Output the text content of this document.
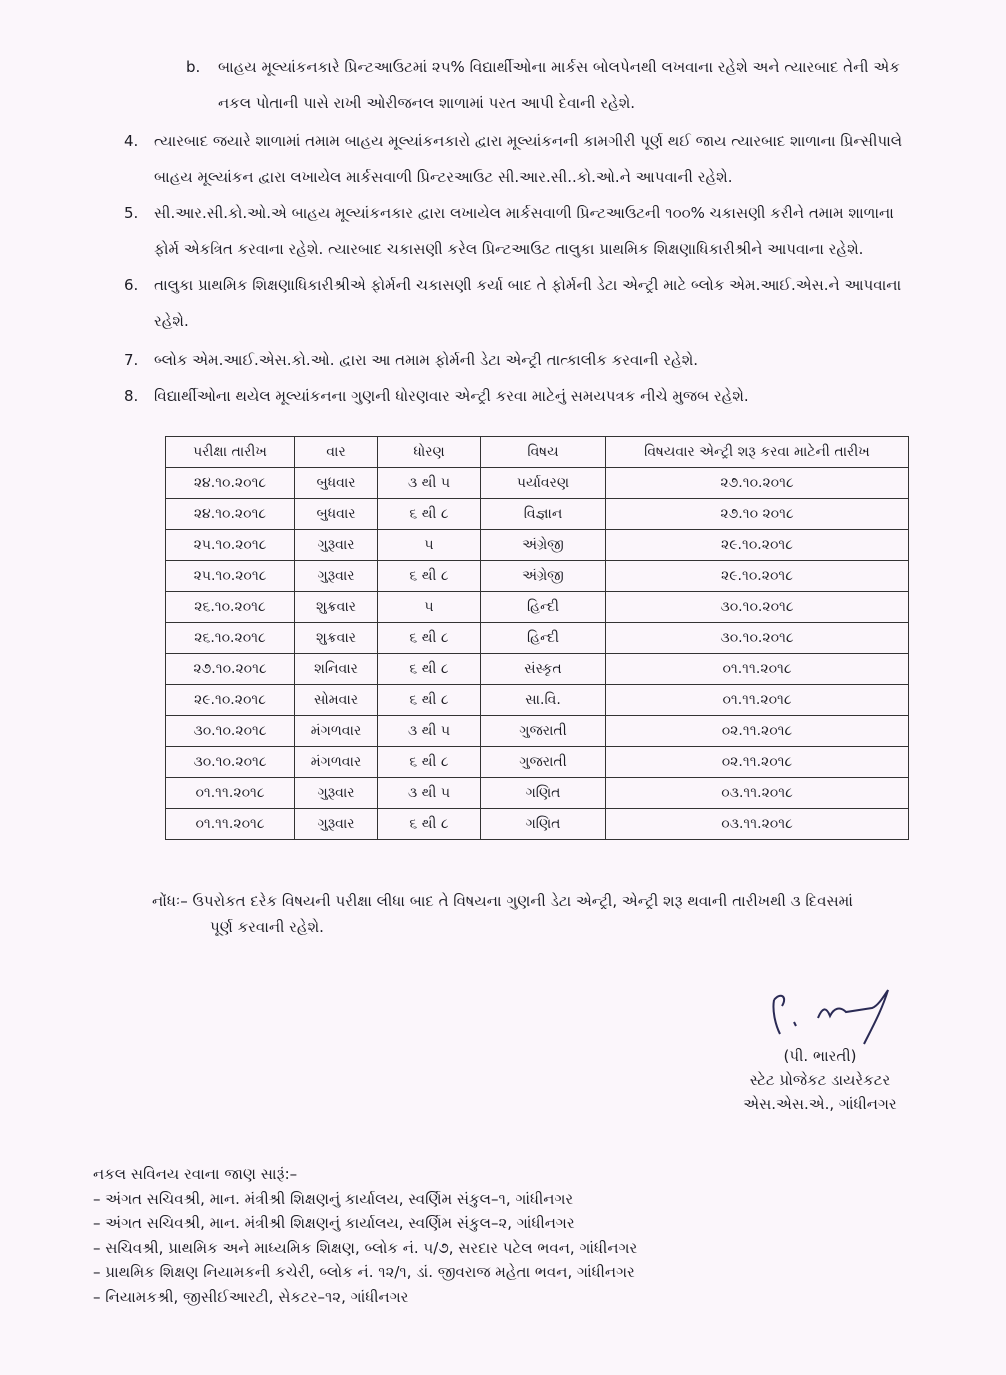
b. બાહય મૂલ્યાંકનકારે પ્રિન્ટઆઉટમાં ૨૫% વિદ્યાર્થીઓના માર્કસ બોલપેનથી લખવાના રહેશે અને ત્યારબાદ તેની એક
નકલ પોતાની પાસે રાખી ઓરીજનલ શાળામાં પરત આપી દેવાની રહેશે.
4. ત્યારબાદ જયારે શાળામાં તમામ બાહય મૂલ્યાંકનકારો દ્વારા મૂલ્યાંકનની કામગીરી પૂર્ણ થઈ જાય ત્યારબાદ શાળાના પ્રિન્સીપાલે
બાહય મૂલ્યાંકન દ્વારા લખાયેલ માર્કસવાળી પ્રિન્ટરઆઉટ સી.આર.સી..કો.ઓ.ને આપવાની રહેશે.
5. સી.આર.સી.કો.ઓ.એ બાહય મૂલ્યાંકનકાર દ્વારા લખાયેલ માર્કસવાળી પ્રિન્ટઆઉટની ૧૦૦% ચકાસણી કરીને તમામ શાળાના
ફોર્મ એકત્રિત કરવાના રહેશે. ત્યારબાદ ચકાસણી કરેલ પ્રિન્ટઆઉટ તાલુકા પ્રાથમિક શિક્ષણાધિકારીશ્રીને આપવાના રહેશે.
6. તાલુકા પ્રાથમિક શિક્ષણાધિકારીશ્રીએ ફોર્મની ચકાસણી કર્યા બાદ તે ફોર્મની ડેટા એન્ટ્રી માટે બ્લોક એમ.આઈ.એસ.ને આપવાના
રહેશે.
7. બ્લોક એમ.આઈ.એસ.કો.ઓ. દ્વારા આ તમામ ફોર્મની ડેટા એન્ટ્રી તાત્કાલીક કરવાની રહેશે.
8. વિદ્યાર્થીઓના થયેલ મૂલ્યાંકનના ગુણની ધોરણવાર એન્ટ્રી કરવા માટેનું સમયપત્રક નીચે મુજબ રહેશે.
પરીક્ષા તારીખ	વાર	ધોરણ	વિષય	વિષયવાર એન્ટ્રી શરૂ કરવા માટેની તારીખ
૨૪.૧૦.૨૦૧૮	બુધવાર	૩ થી ૫	પર્યાવરણ	૨૭.૧૦.૨૦૧૮
૨૪.૧૦.૨૦૧૮	બુધવાર	૬ થી ૮	વિજ્ઞાન	૨૭.૧૦ ૨૦૧૮
૨૫.૧૦.૨૦૧૮	ગુરૂવાર	૫	અંગ્રેજી	૨૯.૧૦.૨૦૧૮
૨૫.૧૦.૨૦૧૮	ગુરૂવાર	૬ થી ૮	અંગ્રેજી	૨૯.૧૦.૨૦૧૮
૨૬.૧૦.૨૦૧૮	શુક્રવાર	૫	હિન્દી	૩૦.૧૦.૨૦૧૮
૨૬.૧૦.૨૦૧૮	શુક્રવાર	૬ થી ૮	હિન્દી	૩૦.૧૦.૨૦૧૮
૨૭.૧૦.૨૦૧૮	શનિવાર	૬ થી ૮	સંસ્કૃત	૦૧.૧૧.૨૦૧૮
૨૯.૧૦.૨૦૧૮	સોમવાર	૬ થી ૮	સા.વિ.	૦૧.૧૧.૨૦૧૮
૩૦.૧૦.૨૦૧૮	મંગળવાર	૩ થી ૫	ગુજરાતી	૦૨.૧૧.૨૦૧૮
૩૦.૧૦.૨૦૧૮	મંગળવાર	૬ થી ૮	ગુજરાતી	૦૨.૧૧.૨૦૧૮
૦૧.૧૧.૨૦૧૮	ગુરૂવાર	૩ થી ૫	ગણિત	૦૩.૧૧.૨૦૧૮
૦૧.૧૧.૨૦૧૮	ગુરૂવાર	૬ થી ૮	ગણિત	૦૩.૧૧.૨૦૧૮
નોંધઃ– ઉપરોકત દરેક વિષયની પરીક્ષા લીધા બાદ તે વિષયના ગુણની ડેટા એન્ટ્રી, એન્ટ્રી શરૂ થવાની તારીખથી ૩ દિવસમાં
પૂર્ણ કરવાની રહેશે.
(પી. ભારતી)
સ્ટેટ પ્રોજેકટ ડાયરેકટર
એસ.એસ.એ., ગાંધીનગર
નકલ સવિનય રવાના જાણ સારૂં:–
– અંગત સચિવશ્રી, માન. મંત્રીશ્રી શિક્ષણનું કાર્યાલય, સ્વર્ણિમ સંકુલ–૧, ગાંધીનગર
– અંગત સચિવશ્રી, માન. મંત્રીશ્રી શિક્ષણનું કાર્યાલય, સ્વર્ણિમ સંકુલ–૨, ગાંધીનગર
– સચિવશ્રી, પ્રાથમિક અને માધ્યમિક શિક્ષણ, બ્લોક નં. ૫/૭, સરદાર પટેલ ભવન, ગાંધીનગર
– પ્રાથમિક શિક્ષણ નિયામકની કચેરી, બ્લોક નં. ૧૨/૧, ડાં. જીવરાજ મહેતા ભવન, ગાંધીનગર
– નિયામકશ્રી, જીસીઈઆરટી, સેકટર–૧૨, ગાંધીનગર
